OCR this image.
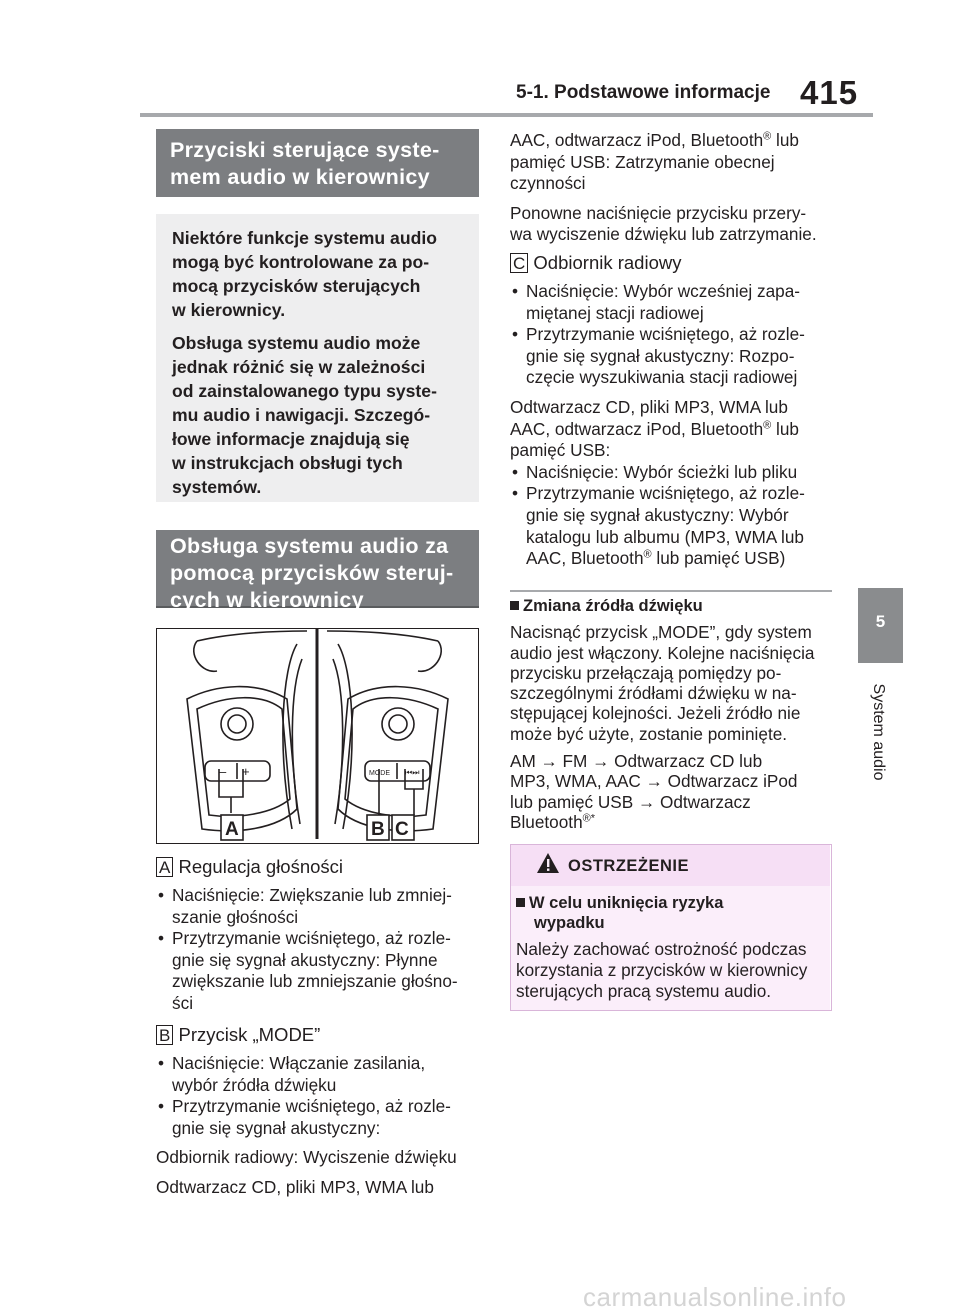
5-1. Podstawowe informacje 415
5
System audio
Przyciski sterujące syste-
mem audio w kierownicy

Niektóre funkcje systemu audio
mogą być kontrolowane za po-
mocą przycisków sterujących
w kierownicy.

Obsługa systemu audio może
jednak różnić się w zależności
od zainstalowanego typu syste-
mu audio i nawigacji. Szczegó-
łowe informacje znajdują się
w instrukcjach obsługi tych
systemów.

Obsługa systemu audio za
pomocą przycisków steruj-
cych w kierownicy
– +	MODE ⏮⏭
A	B C
A Regulacja głośności
• Naciśnięcie: Zwiększanie lub zmniej-
szanie głośności
• Przytrzymanie wciśniętego, aż rozle-
gnie się sygnał akustyczny: Płynne
zwiększanie lub zmniejszanie głośno-
ści
B Przycisk „MODE”
• Naciśnięcie: Włączanie zasilania,
wybór źródła dźwięku
• Przytrzymanie wciśniętego, aż rozle-
gnie się sygnał akustyczny:

Odbiornik radiowy: Wyciszenie dźwięku

Odtwarzacz CD, pliki MP3, WMA lub

AAC, odtwarzacz iPod, Bluetooth® lub
pamięć USB: Zatrzymanie obecnej
czynności
Ponowne naciśnięcie przycisku przery-
wa wyciszenie dźwięku lub zatrzymanie.
C Odbiornik radiowy
• Naciśnięcie: Wybór wcześniej zapa-
miętanej stacji radiowej
• Przytrzymanie wciśniętego, aż rozle-
gnie się sygnał akustyczny: Rozpo-
częcie wyszukiwania stacji radiowej
Odtwarzacz CD, pliki MP3, WMA lub
AAC, odtwarzacz iPod, Bluetooth® lub
pamięć USB:
• Naciśnięcie: Wybór ścieżki lub pliku
• Przytrzymanie wciśniętego, aż rozle-
gnie się sygnał akustyczny: Wybór
katalogu lub albumu (MP3, WMA lub
AAC, Bluetooth® lub pamięć USB)
Zmiana źródła dźwięku
Nacisnąć przycisk „MODE”, gdy system
audio jest włączony. Kolejne naciśnięcia
przycisku przełączają pomiędzy po-
szczególnymi źródłami dźwięku w na-
stępującej kolejności. Jeżeli źródło nie
może być użyte, zostanie pominięte.
AM → FM → Odtwarzacz CD lub
MP3, WMA, AAC → Odtwarzacz iPod
lub pamięć USB → Odtwarzacz
Bluetooth®*
OSTRZEŻENIE
W celu uniknięcia ryzyka
wypadku
Należy zachować ostrożność podczas
korzystania z przycisków w kierownicy
sterujących pracą systemu audio.
carmanualsonline.info
